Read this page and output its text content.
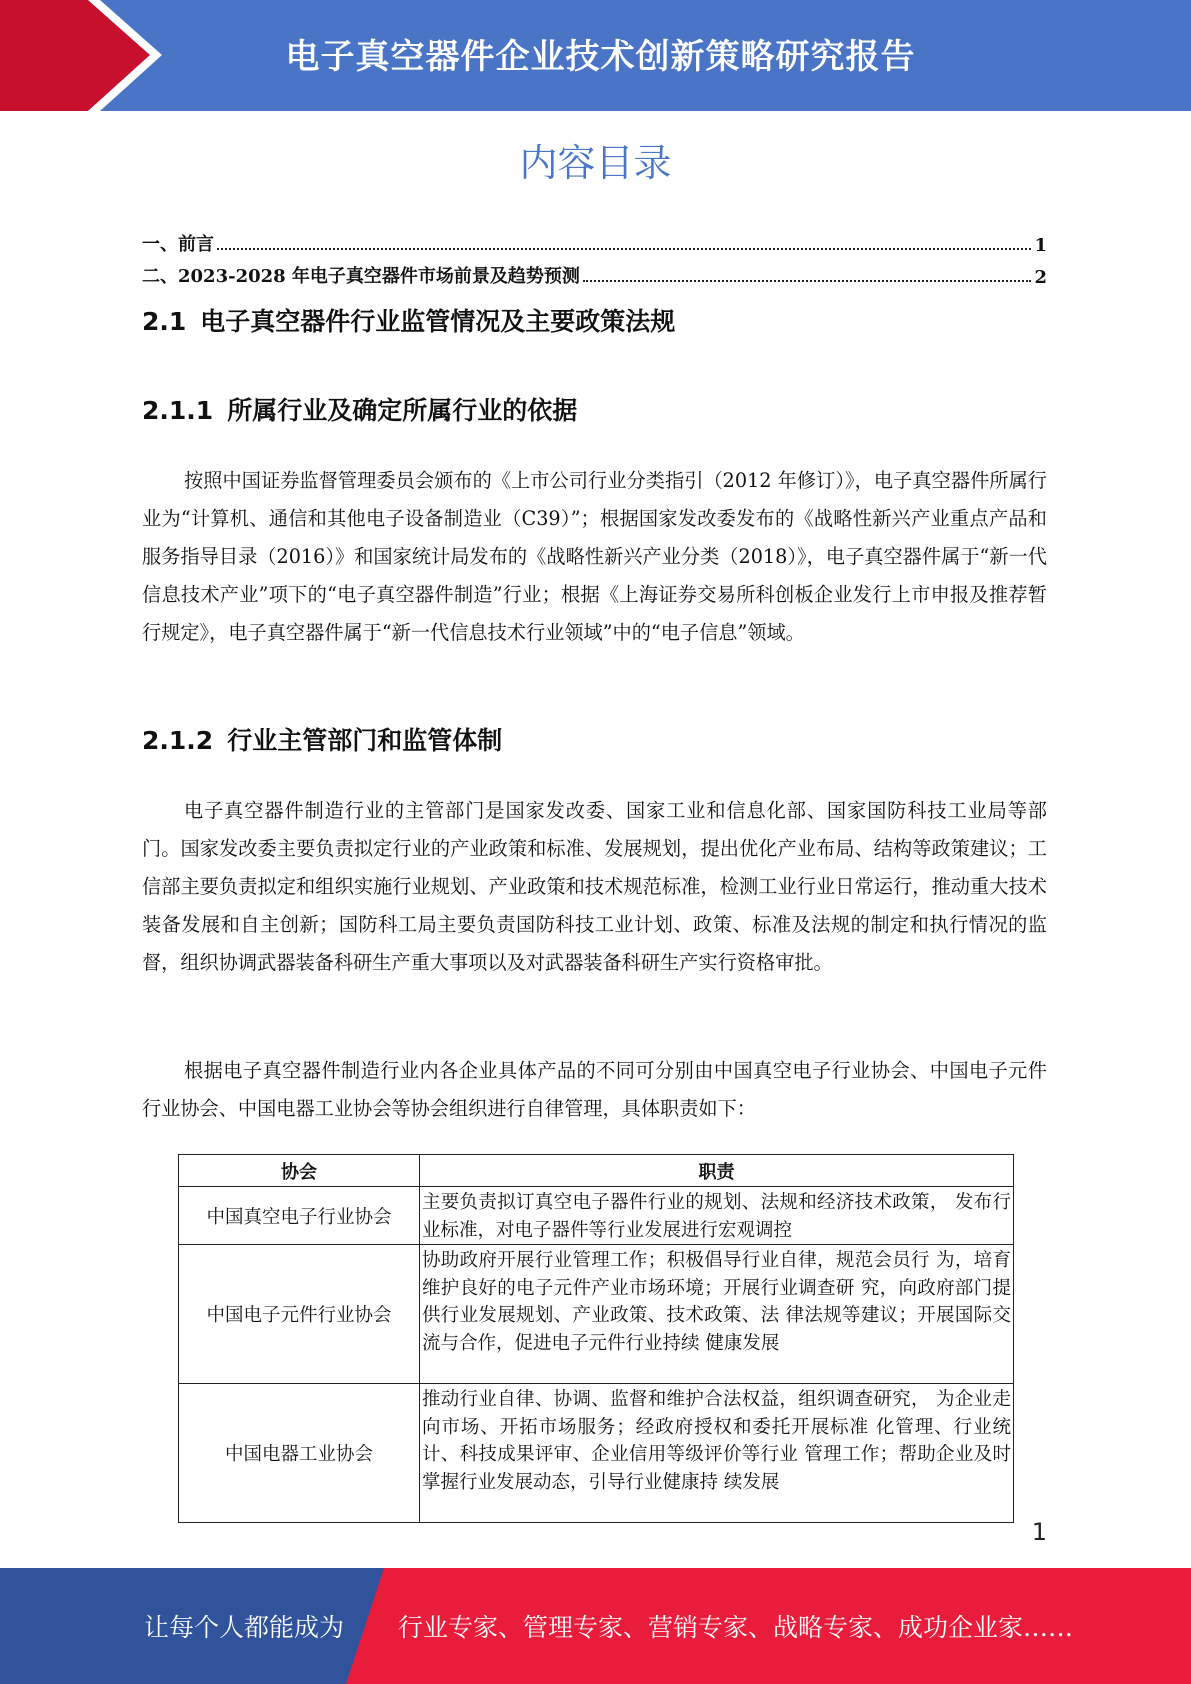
电子真空器件企业技术创新策略研究报告
内容目录
一、前言	1
二、2023-2028 年电子真空器件市场前景及趋势预测	2
2.1 电子真空器件行业监管情况及主要政策法规
2.1.1 所属行业及确定所属行业的依据

按照中国证券监督管理委员会颁布的《上市公司行业分类指引（2012 年修订）》，电子真空器件所属行业为“计算机、通信和其他电子设备制造业（C39）”；根据国家发改委发布的《战略性新兴产业重点产品和服务指导目录（2016）》和国家统计局发布的《战略性新兴产业分类（2018）》，电子真空器件属于“新一代信息技术产业”项下的“电子真空器件制造”行业；根据《上海证券交易所科创板企业发行上市申报及推荐暂行规定》，电子真空器件属于“新一代信息技术行业领域”中的“电子信息”领域。

2.1.2 行业主管部门和监管体制

电子真空器件制造行业的主管部门是国家发改委、国家工业和信息化部、国家国防科技工业局等部门。国家发改委主要负责拟定行业的产业政策和标准、发展规划，提出优化产业布局、结构等政策建议；工信部主要负责拟定和组织实施行业规划、产业政策和技术规范标准，检测工业行业日常运行，推动重大技术装备发展和自主创新；国防科工局主要负责国防科技工业计划、政策、标准及法规的制定和执行情况的监督，组织协调武器装备科研生产重大事项以及对武器装备科研生产实行资格审批。

根据电子真空器件制造行业内各企业具体产品的不同可分别由中国真空电子行业协会、中国电子元件行业协会、中国电器工业协会等协会组织进行自律管理，具体职责如下：

协会	职责
中国真空电子行业协会	主要负责拟订真空电子器件行业的规划、法规和经济技术政策， 发布行业标准，对电子器件等行业发展进行宏观调控
中国电子元件行业协会	协助政府开展行业管理工作；积极倡导行业自律，规范会员行 为，培育维护良好的电子元件产业市场环境；开展行业调查研 究，向政府部门提供行业发展规划、产业政策、技术政策、法 律法规等建议；开展国际交流与合作，促进电子元件行业持续 健康发展
中国电器工业协会	推动行业自律、协调、监督和维护合法权益，组织调查研究， 为企业走向市场、开拓市场服务；经政府授权和委托开展标准 化管理、行业统计、科技成果评审、企业信用等级评价等行业 管理工作；帮助企业及时掌握行业发展动态，引导行业健康持 续发展
1
让每个人都能成为 行业专家、管理专家、营销专家、战略专家、成功企业家……
